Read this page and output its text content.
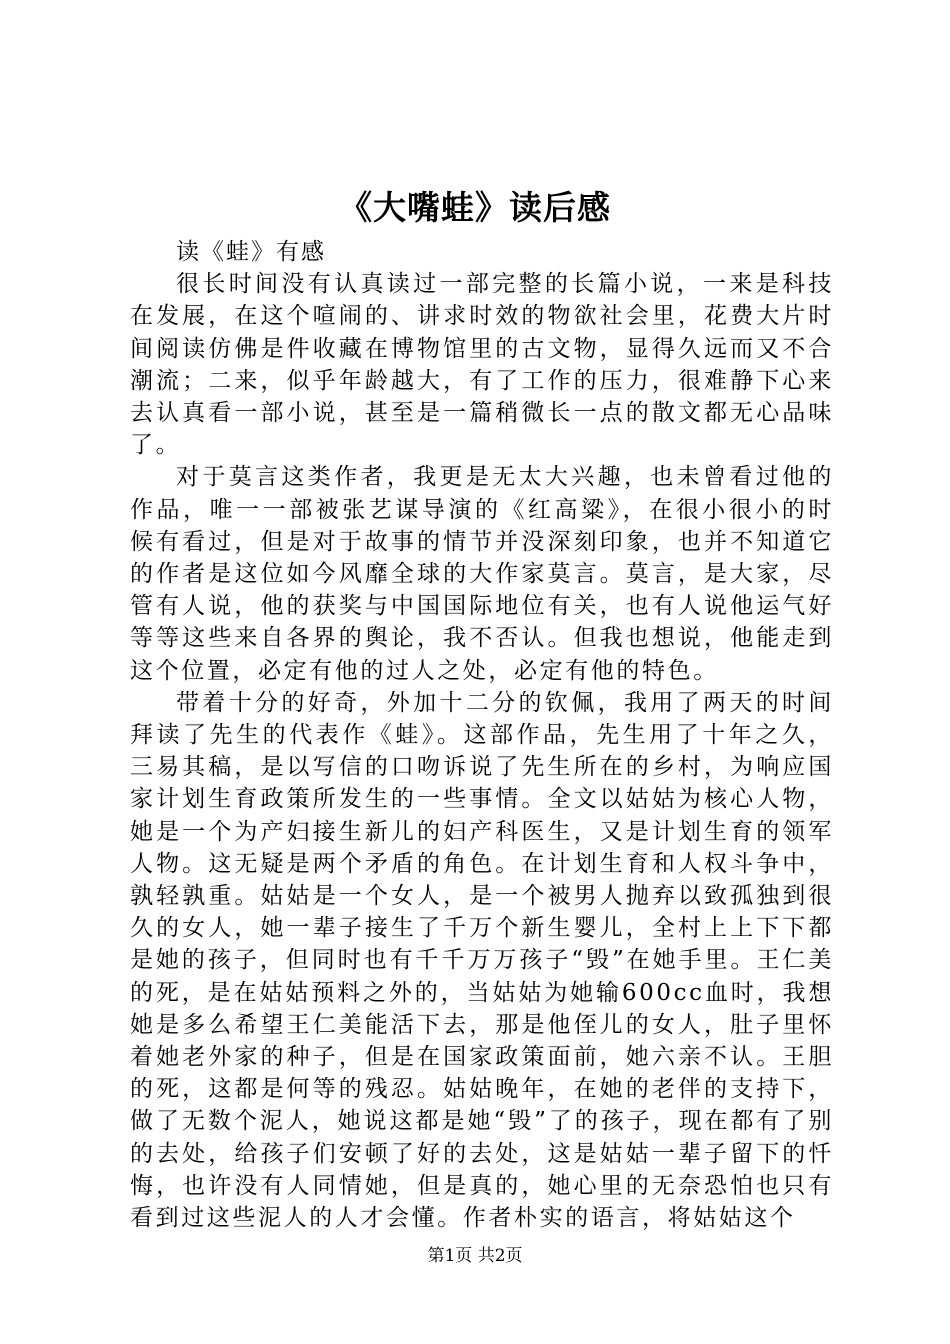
《大嘴蛙》读后感

读《蛙》有感

很长时间没有认真读过一部完整的长篇小说，一来是科技在发展，在这个喧闹的、讲求时效的物欲社会里，花费大片时间阅读仿佛是件收藏在博物馆里的古文物，显得久远而又不合潮流；二来，似乎年龄越大，有了工作的压力，很难静下心来去认真看一部小说，甚至是一篇稍微长一点的散文都无心品味了。

对于莫言这类作者，我更是无太大兴趣，也未曾看过他的作品，唯一一部被张艺谋导演的《红高粱》，在很小很小的时候有看过，但是对于故事的情节并没深刻印象，也并不知道它的作者是这位如今风靡全球的大作家莫言。莫言，是大家，尽管有人说，他的获奖与中国国际地位有关，也有人说他运气好等等这些来自各界的舆论，我不否认。但我也想说，他能走到这个位置，必定有他的过人之处，必定有他的特色。

带着十分的好奇，外加十二分的钦佩，我用了两天的时间拜读了先生的代表作《蛙》。这部作品，先生用了十年之久，三易其稿，是以写信的口吻诉说了先生所在的乡村，为响应国家计划生育政策所发生的一些事情。全文以姑姑为核心人物，她是一个为产妇接生新儿的妇产科医生，又是计划生育的领军人物。这无疑是两个矛盾的角色。在计划生育和人权斗争中，孰轻孰重。姑姑是一个女人，是一个被男人抛弃以致孤独到很久的女人，她一辈子接生了千万个新生婴儿，全村上上下下都是她的孩子，但同时也有千千万万孩子“毁”在她手里。王仁美的死，是在姑姑预料之外的，当姑姑为她输600cc血时，我想她是多么希望王仁美能活下去，那是他侄儿的女人，肚子里怀着她老外家的种子，但是在国家政策面前，她六亲不认。王胆的死，这都是何等的残忍。姑姑晚年，在她的老伴的支持下，做了无数个泥人，她说这都是她“毁”了的孩子，现在都有了别的去处，给孩子们安顿了好的去处，这是姑姑一辈子留下的忏悔，也许没有人同情她，但是真的，她心里的无奈恐怕也只有看到过这些泥人的人才会懂。作者朴实的语言，将姑姑这个

第1页 共2页
